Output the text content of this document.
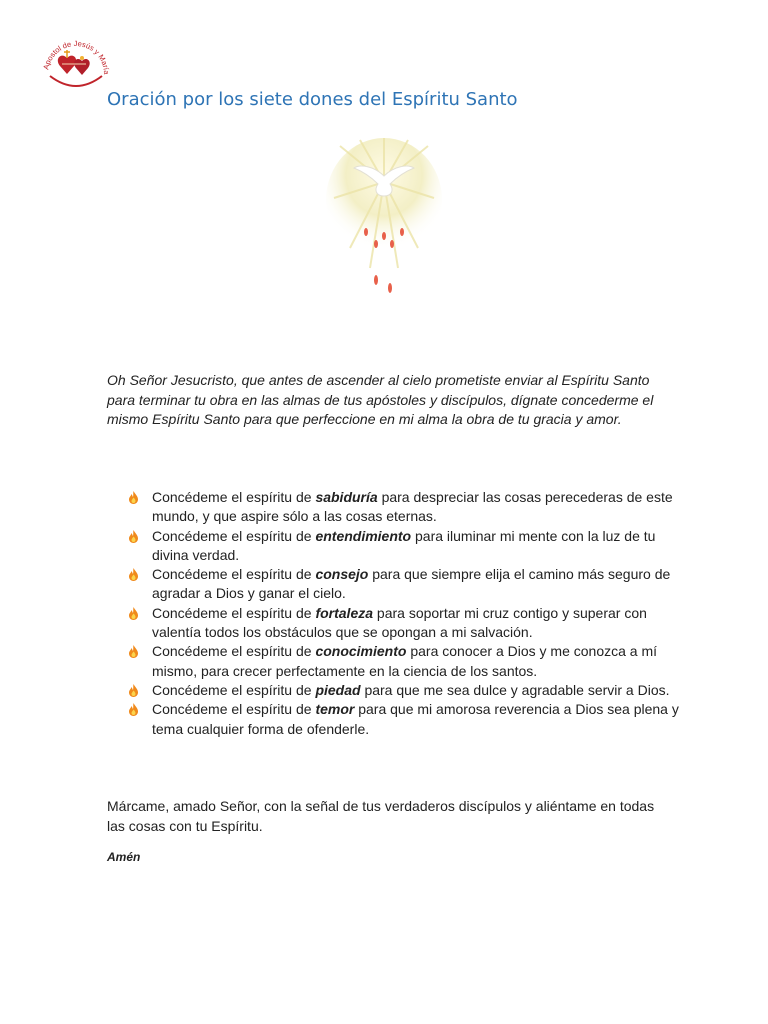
Apostol de Jesús y María
Oración por los siete dones del Espíritu Santo

Oh Señor Jesucristo, que antes de ascender al cielo prometiste enviar al Espíritu Santo para terminar tu obra en las almas de tus apóstoles y discípulos, dígnate concederme el mismo Espíritu Santo para que perfeccione en mi alma la obra de tu gracia y amor.

Concédeme el espíritu de sabiduría para despreciar las cosas perecederas de este mundo, y que aspire sólo a las cosas eternas.
Concédeme el espíritu de entendimiento para iluminar mi mente con la luz de tu divina verdad.
Concédeme el espíritu de consejo para que siempre elija el camino más seguro de agradar a Dios y ganar el cielo.
Concédeme el espíritu de fortaleza para soportar mi cruz contigo y superar con valentía todos los obstáculos que se opongan a mi salvación.
Concédeme el espíritu de conocimiento para conocer a Dios y me conozca a mí mismo, para crecer perfectamente en la ciencia de los santos.
Concédeme el espíritu de piedad para que me sea dulce y agradable servir a Dios.
Concédeme el espíritu de temor para que mi amorosa reverencia a Dios sea plena y tema cualquier forma de ofenderle.

Márcame, amado Señor, con la señal de tus verdaderos discípulos y aliéntame en todas las cosas con tu Espíritu.

Amén
